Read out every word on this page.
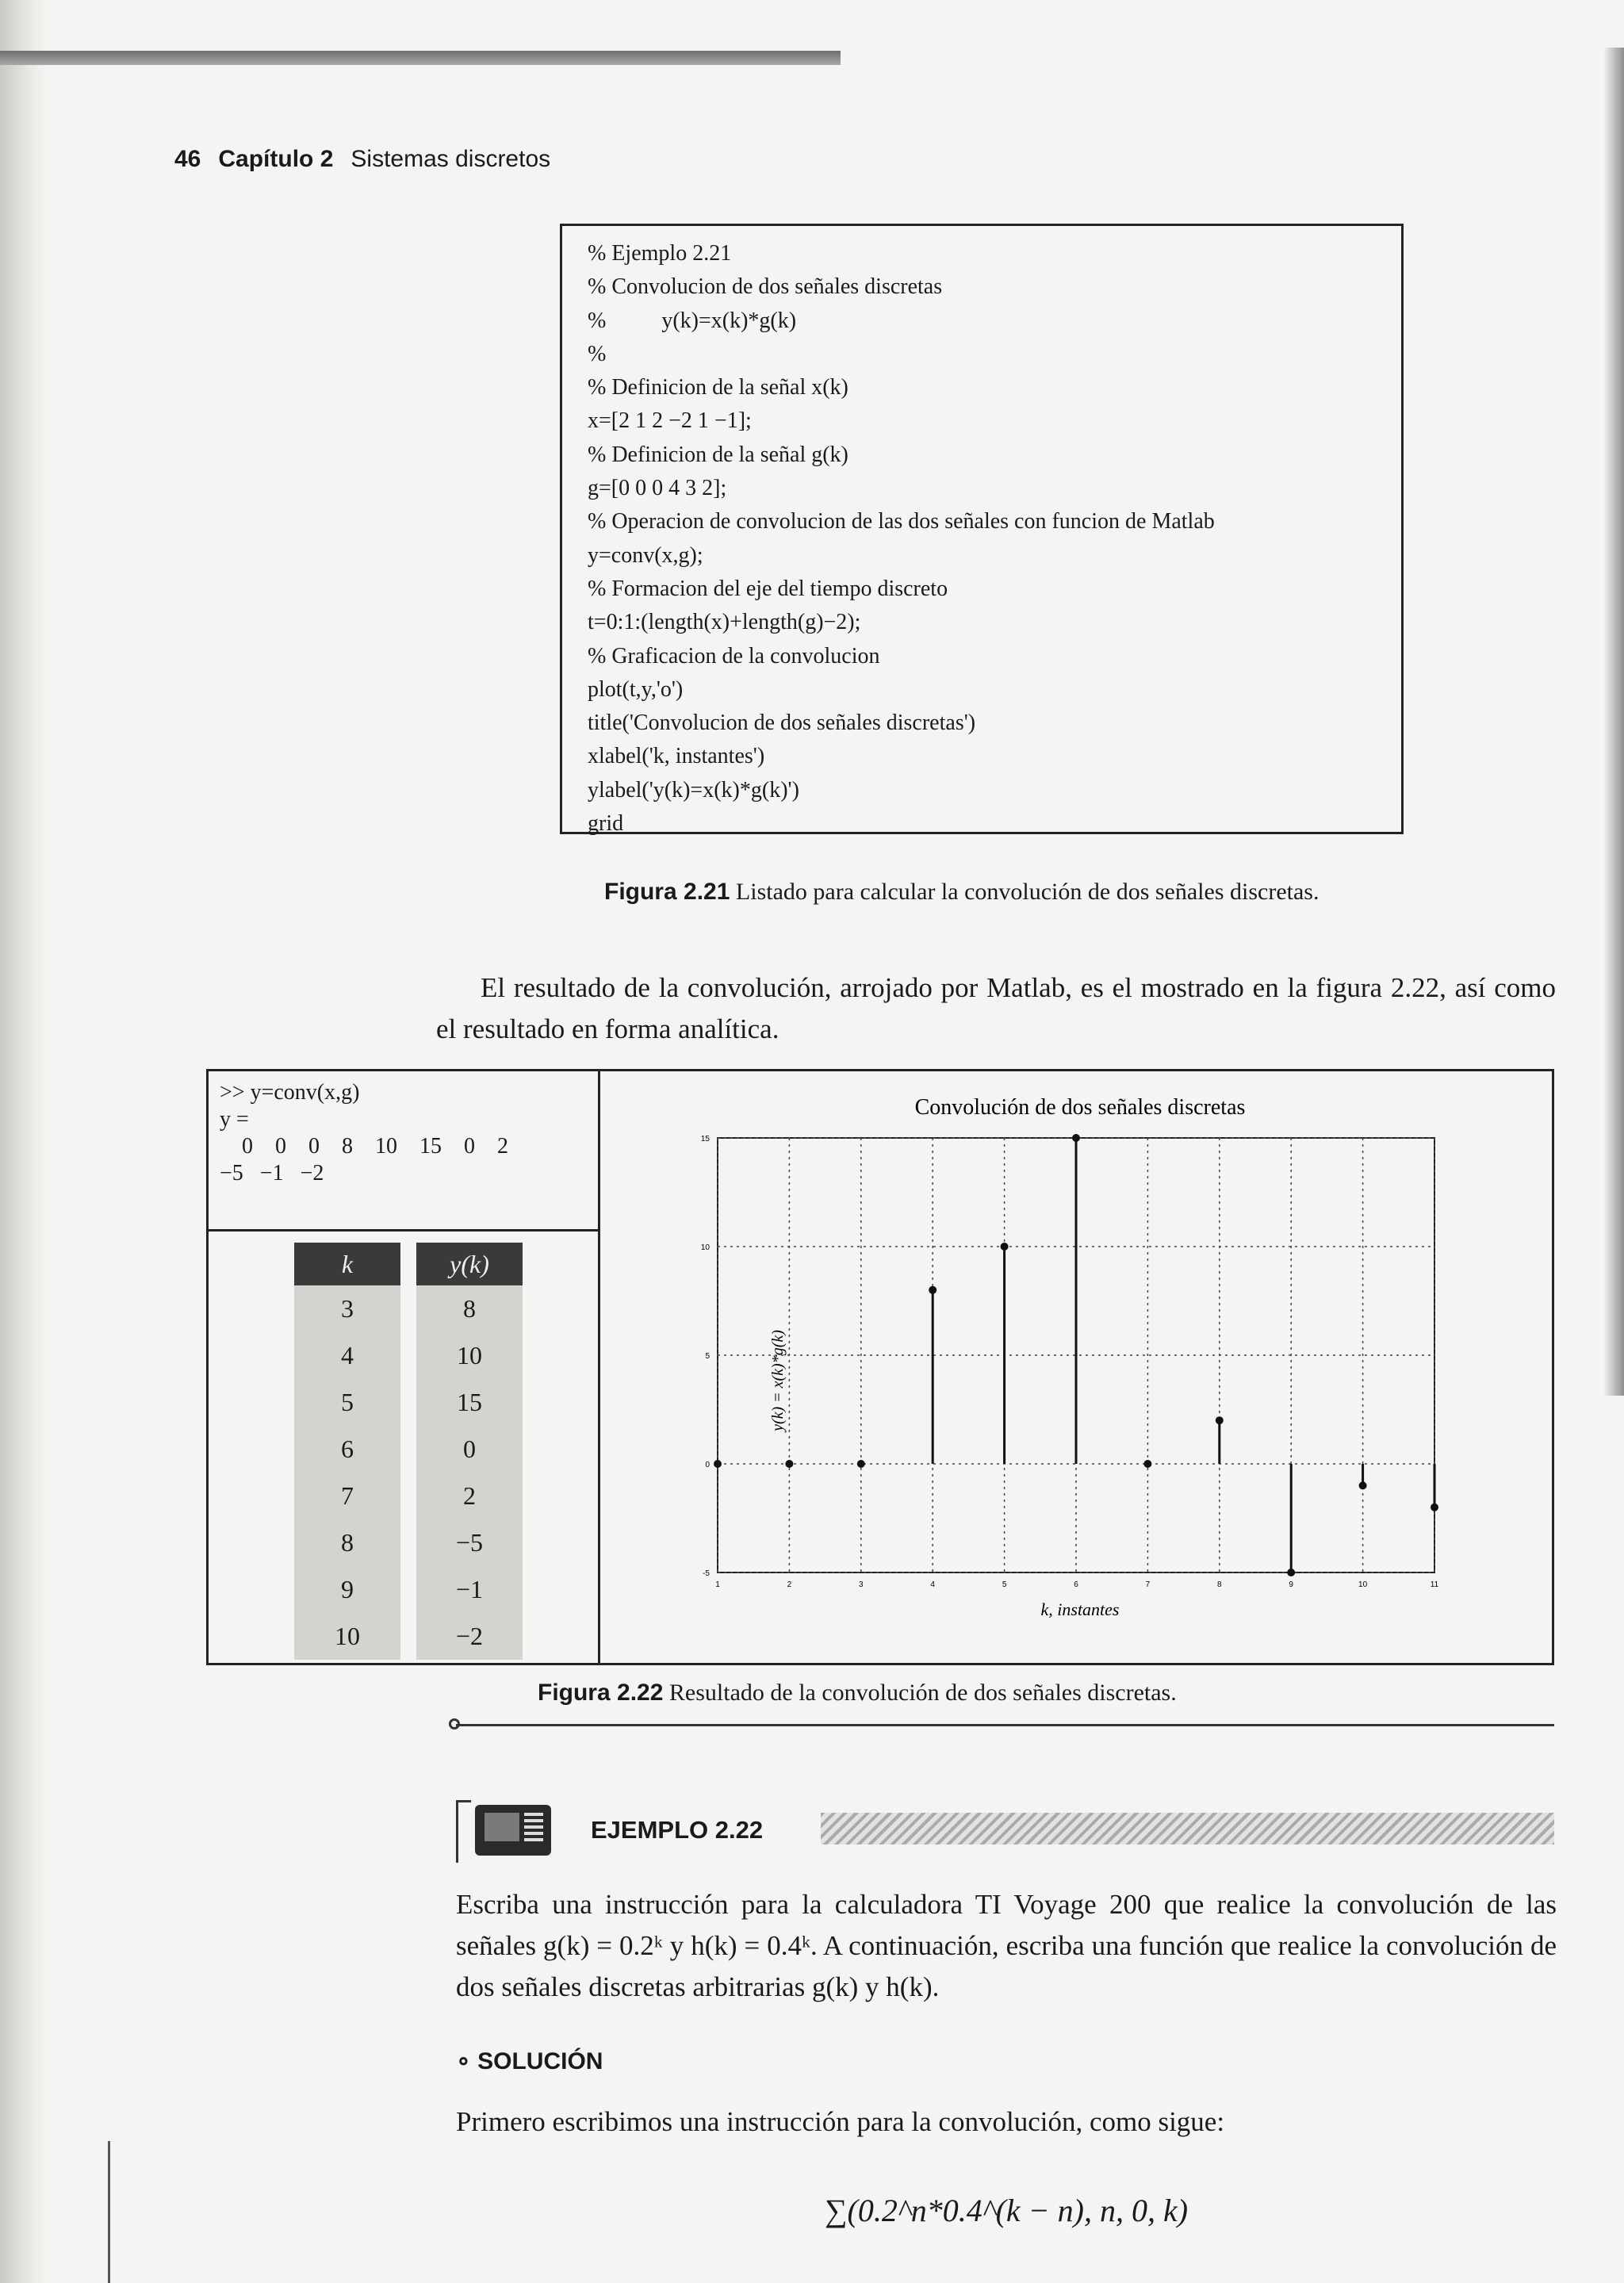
46 Capítulo 2 Sistemas discretos
% Ejemplo 2.21
% Convolucion de dos señales discretas
%          y(k)=x(k)*g(k)
%
% Definicion de la señal x(k)
x=[2 1 2 −2 1 −1];
% Definicion de la señal g(k)
g=[0 0 0 4 3 2];
% Operacion de convolucion de las dos señales con funcion de Matlab
y=conv(x,g);
% Formacion del eje del tiempo discreto
t=0:1:(length(x)+length(g)−2);
% Graficacion de la convolucion
plot(t,y,'o')
title('Convolucion de dos señales discretas')
xlabel('k, instantes')
ylabel('y(k)=x(k)*g(k)')
grid
Figura 2.21 Listado para calcular la convolución de dos señales discretas.
El resultado de la convolución, arrojado por Matlab, es el mostrado en la figura 2.22, así como el resultado en forma analítica.
>> y=conv(x,g)
y =
0    0    0    8    10    15    0    2
−5   −1   −2
k	y(k)
3	8
4	10
5	15
6	0
7	2
8	−5
9	−1
10	−2
Convolución de dos señales discretas
k, instantes
y(k) = x(k)*g(k)
1	2	3	4	5	6	7	8	9	10	11
15
10
5
0
-5
Figura 2.22 Resultado de la convolución de dos señales discretas.
EJEMPLO 2.22
Escriba una instrucción para la calculadora TI Voyage 200 que realice la convolución de las señales g(k) = 0.2ᵏ y h(k) = 0.4ᵏ. A continuación, escriba una función que realice la convolución de dos señales discretas arbitrarias g(k) y h(k).
∘ SOLUCIÓN
Primero escribimos una instrucción para la convolución, como sigue:
∑(0.2^n*0.4^(k − n), n, 0, k)
